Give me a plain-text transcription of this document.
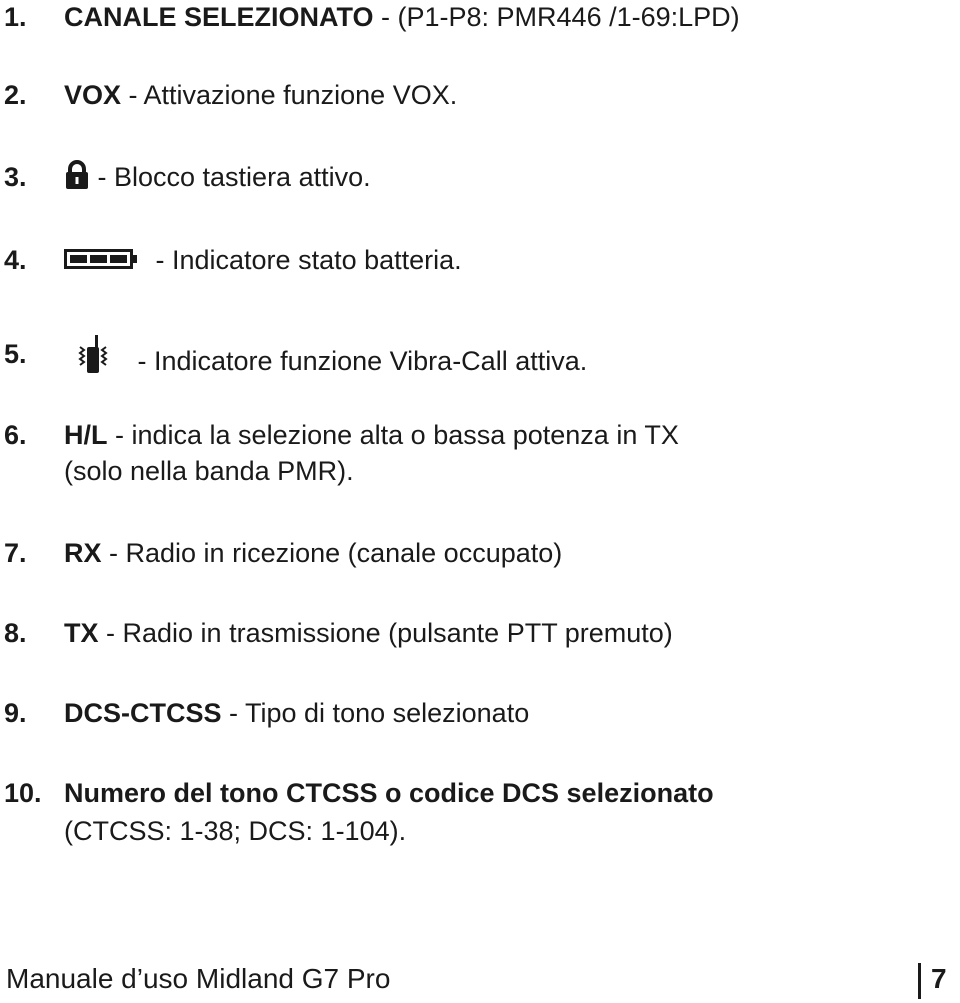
1. CANALE SELEZIONATO - (P1-P8: PMR446 /1-69:LPD)
2. VOX - Attivazione funzione VOX.
3.	- Blocco tastiera attivo.
4.	- Indicatore stato batteria.
5.	- Indicatore funzione Vibra-Call attiva.
6. H/L - indica la selezione alta o bassa potenza in TX
(solo nella banda PMR).
7. RX - Radio in ricezione (canale occupato)
8. TX - Radio in trasmissione (pulsante PTT premuto)
9. DCS-CTCSS - Tipo di tono selezionato
10. Numero del tono CTCSS o codice DCS selezionato
(CTCSS: 1-38; DCS: 1-104).
Manuale d’uso Midland G7 Pro	7
